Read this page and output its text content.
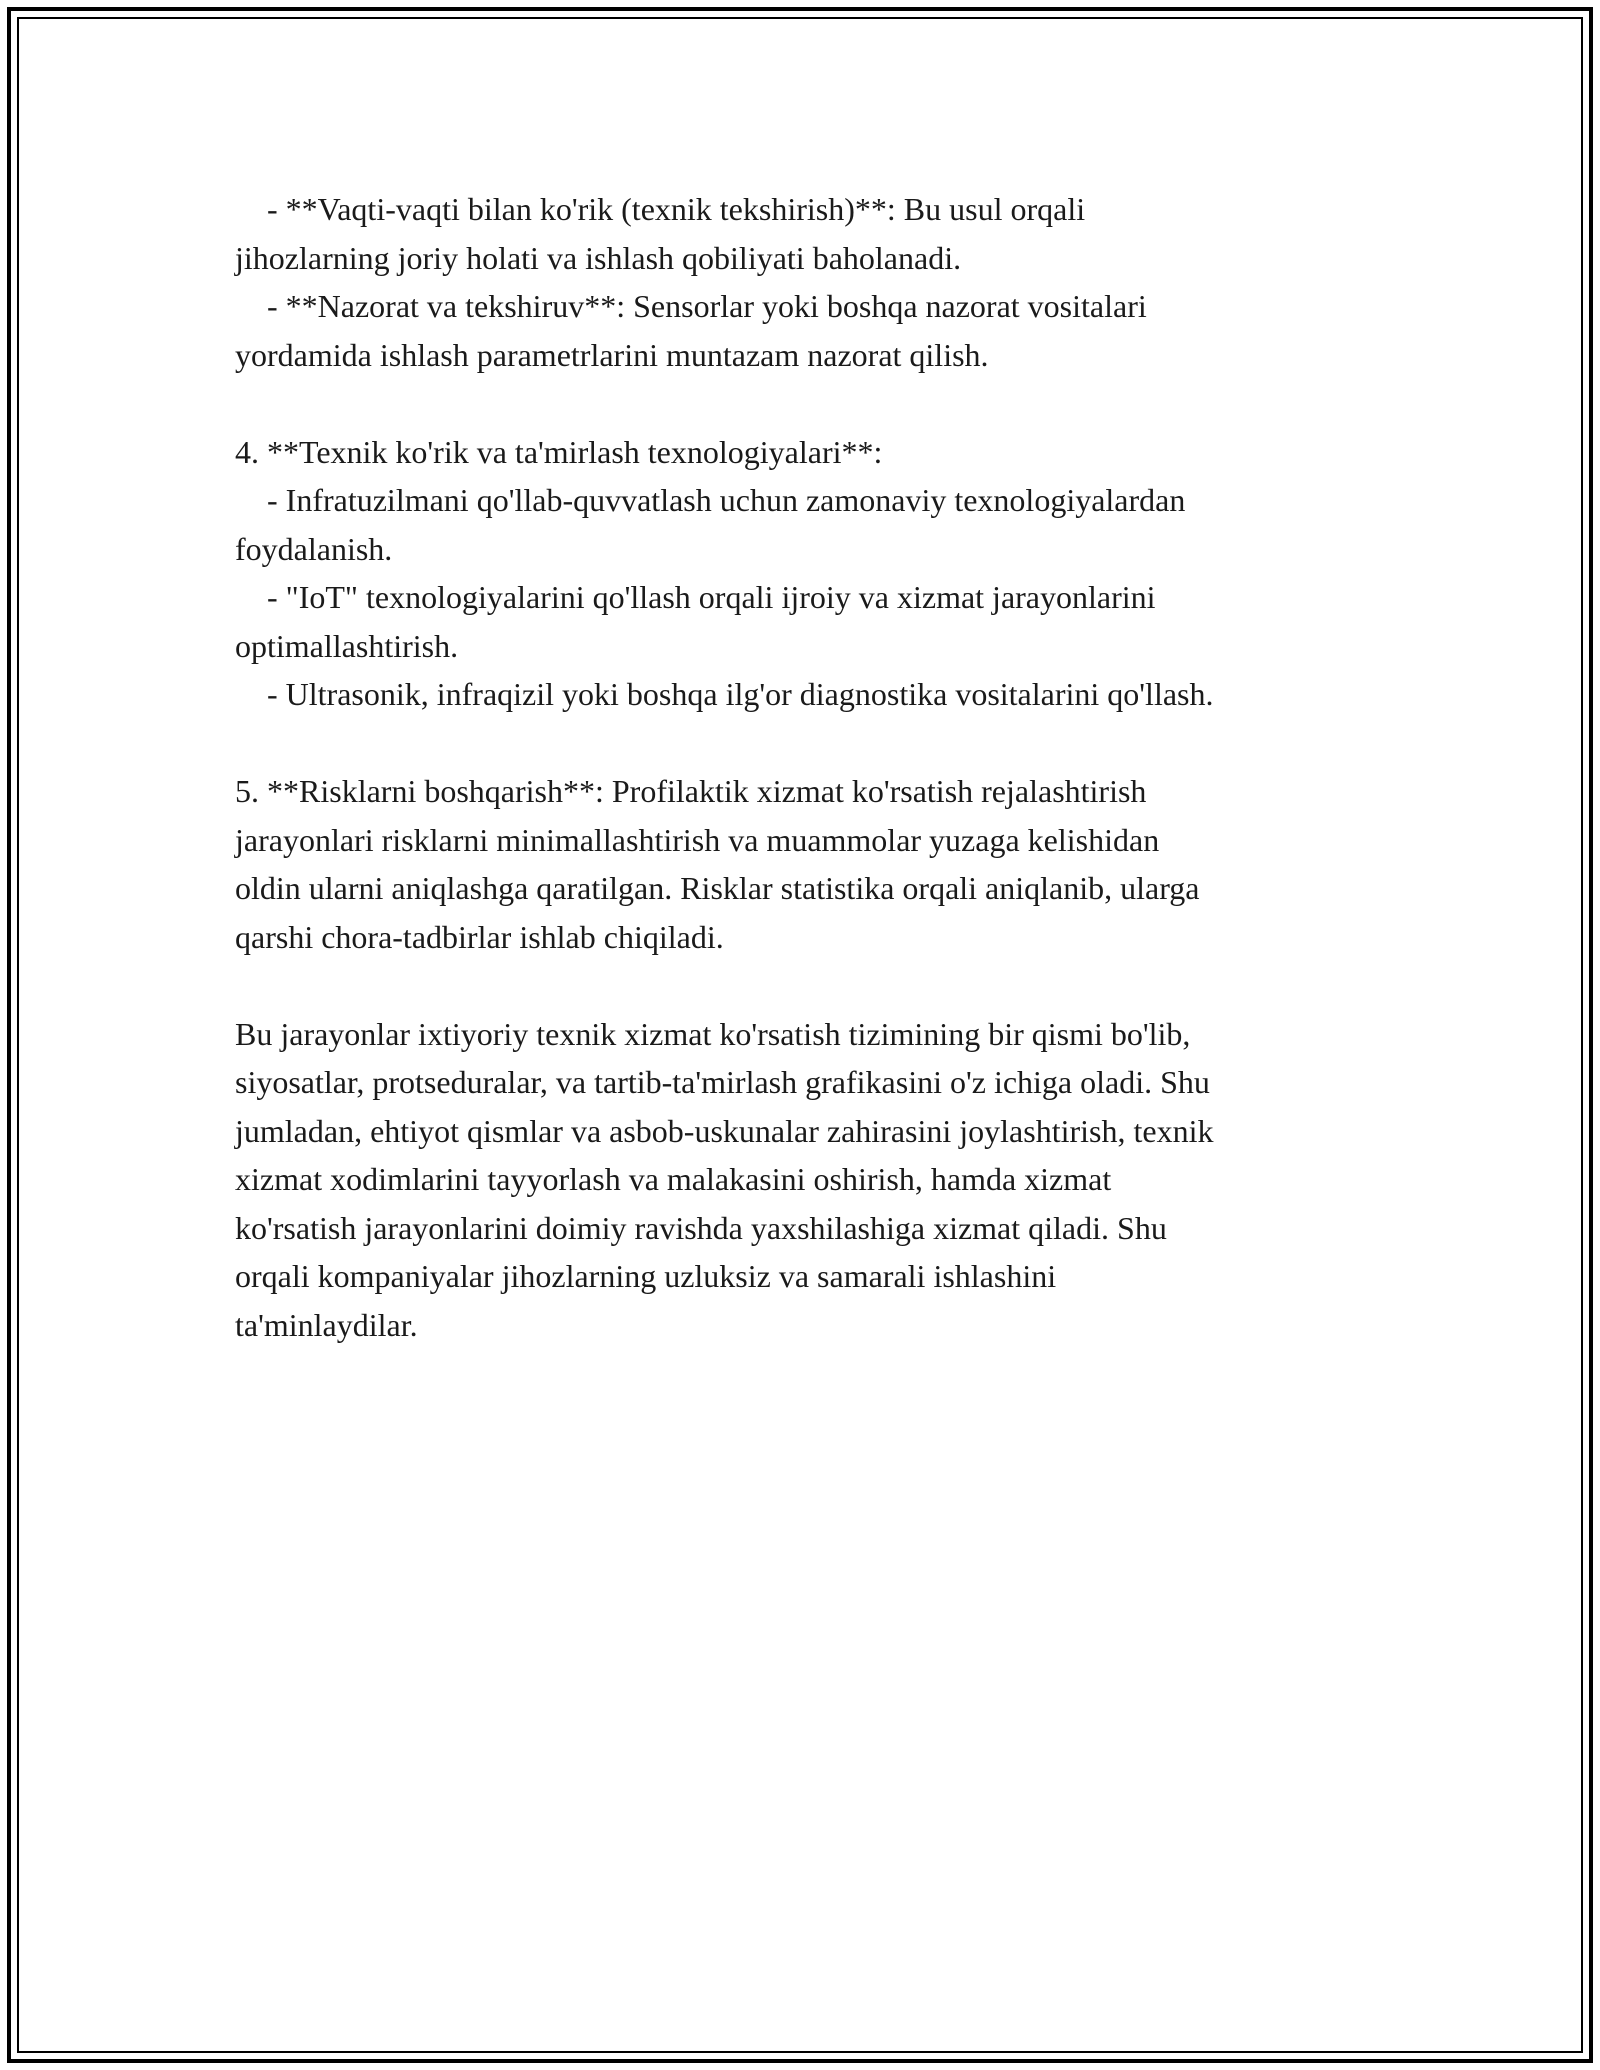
- **Vaqti-vaqti bilan ko'rik (texnik tekshirish)**: Bu usul orqali
jihozlarning joriy holati va ishlash qobiliyati baholanadi.
- **Nazorat va tekshiruv**: Sensorlar yoki boshqa nazorat vositalari
yordamida ishlash parametrlarini muntazam nazorat qilish.
4. **Texnik ko'rik va ta'mirlash texnologiyalari**:
- Infratuzilmani qo'llab-quvvatlash uchun zamonaviy texnologiyalardan
foydalanish.
- "IoT" texnologiyalarini qo'llash orqali ijroiy va xizmat jarayonlarini
optimallashtirish.
- Ultrasonik, infraqizil yoki boshqa ilg'or diagnostika vositalarini qo'llash.
5. **Risklarni boshqarish**: Profilaktik xizmat ko'rsatish rejalashtirish
jarayonlari risklarni minimallashtirish va muammolar yuzaga kelishidan
oldin ularni aniqlashga qaratilgan. Risklar statistika orqali aniqlanib, ularga
qarshi chora-tadbirlar ishlab chiqiladi.
Bu jarayonlar ixtiyoriy texnik xizmat ko'rsatish tizimining bir qismi bo'lib,
siyosatlar, protseduralar, va tartib-ta'mirlash grafikasini o'z ichiga oladi. Shu
jumladan, ehtiyot qismlar va asbob-uskunalar zahirasini joylashtirish, texnik
xizmat xodimlarini tayyorlash va malakasini oshirish, hamda xizmat
ko'rsatish jarayonlarini doimiy ravishda yaxshilashiga xizmat qiladi. Shu
orqali kompaniyalar jihozlarning uzluksiz va samarali ishlashini
ta'minlaydilar.
